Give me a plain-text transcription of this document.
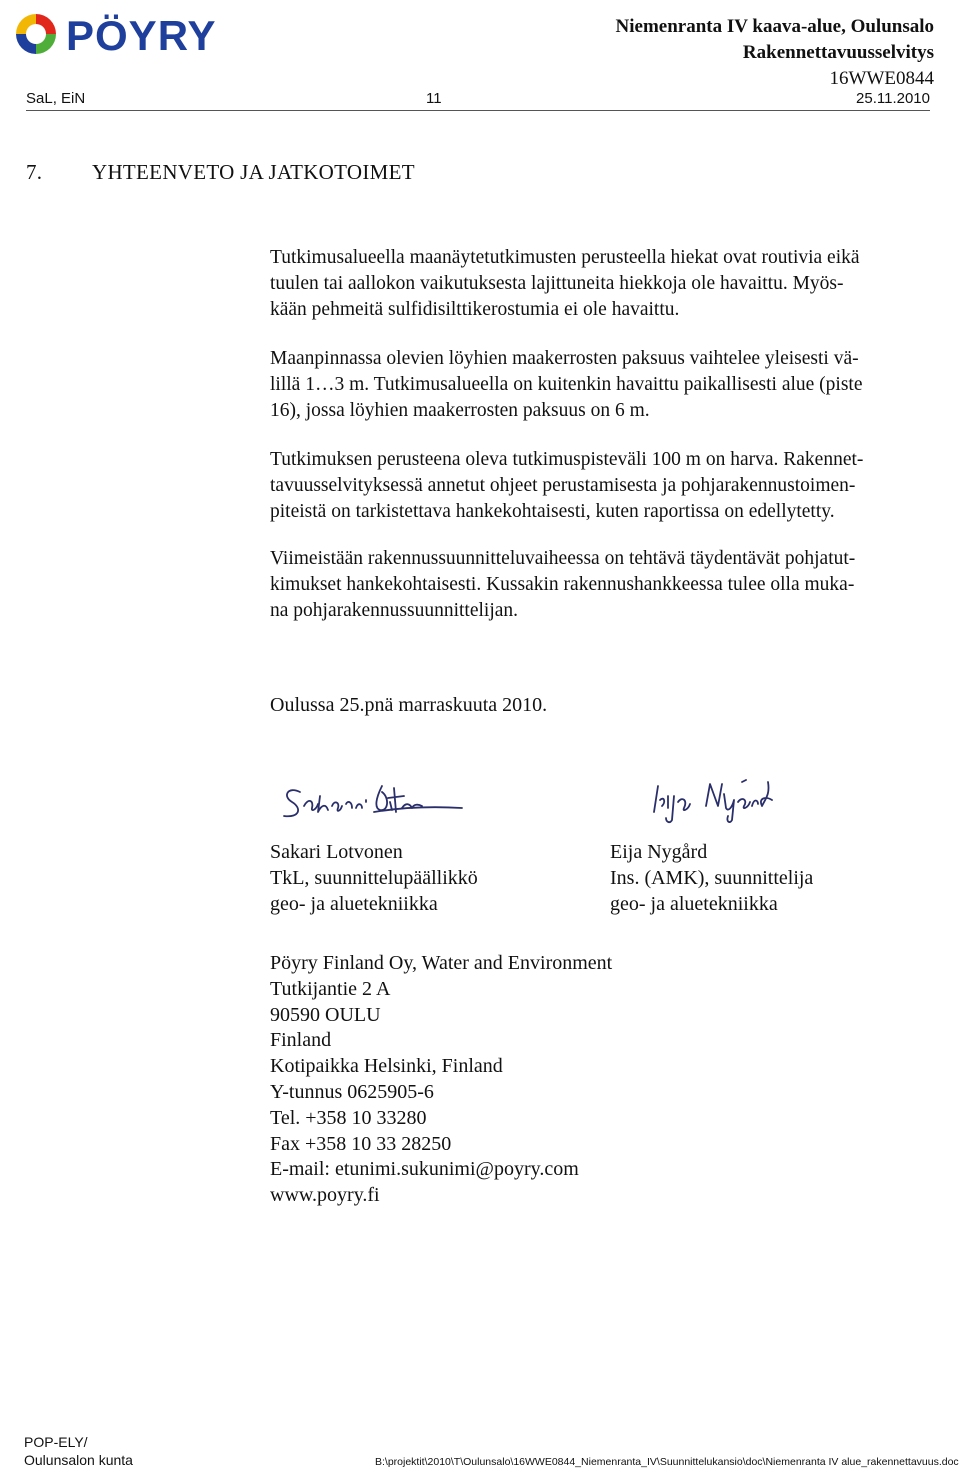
PÖYRY	Niemenranta IV kaava-alue, Oulunsalo
Rakennettavuusselvitys
16WWE0844
SaL, EiN	11	25.11.2010
7. YHTEENVETO JA JATKOTOIMET
Tutkimusalueella maanäytetutkimusten perusteella hiekat ovat routivia eikä
tuulen tai aallokon vaikutuksesta lajittuneita hiekkoja ole havaittu. Myös-
kään pehmeitä sulfidisilttikerostumia ei ole havaittu.
Maanpinnassa olevien löyhien maakerrosten paksuus vaihtelee yleisesti vä-
lillä 1…3 m. Tutkimusalueella on kuitenkin havaittu paikallisesti alue (piste
16), jossa löyhien maakerrosten paksuus on 6 m.
Tutkimuksen perusteena oleva tutkimuspisteväli 100 m on harva. Rakennet-
tavuusselvityksessä annetut ohjeet perustamisesta ja pohjarakennustoimen-
piteistä on tarkistettava hankekohtaisesti, kuten raportissa on edellytetty.
Viimeistään rakennussuunnitteluvaiheessa on tehtävä täydentävät pohjatut-
kimukset hankekohtaisesti. Kussakin rakennushankkeessa tulee olla muka-
na pohjarakennussuunnittelijan.
Oulussa 25.pnä marraskuuta 2010.
Sakari Lotvonen
TkL, suunnittelupäällikkö
geo- ja aluetekniikka
Eija Nygård
Ins. (AMK), suunnittelija
geo- ja aluetekniikka
Pöyry Finland Oy, Water and Environment
Tutkijantie 2 A
90590 OULU
Finland
Kotipaikka Helsinki, Finland
Y-tunnus 0625905-6
Tel. +358 10 33280
Fax +358 10 33 28250
E-mail: etunimi.sukunimi@poyry.com
www.poyry.fi
POP-ELY/
Oulunsalon kunta	B:\projektit\2010\T\Oulunsalo\16WWE0844_Niemenranta_IV\Suunnittelukansio\doc\Niemenranta IV alue_rakennettavuus.doc
